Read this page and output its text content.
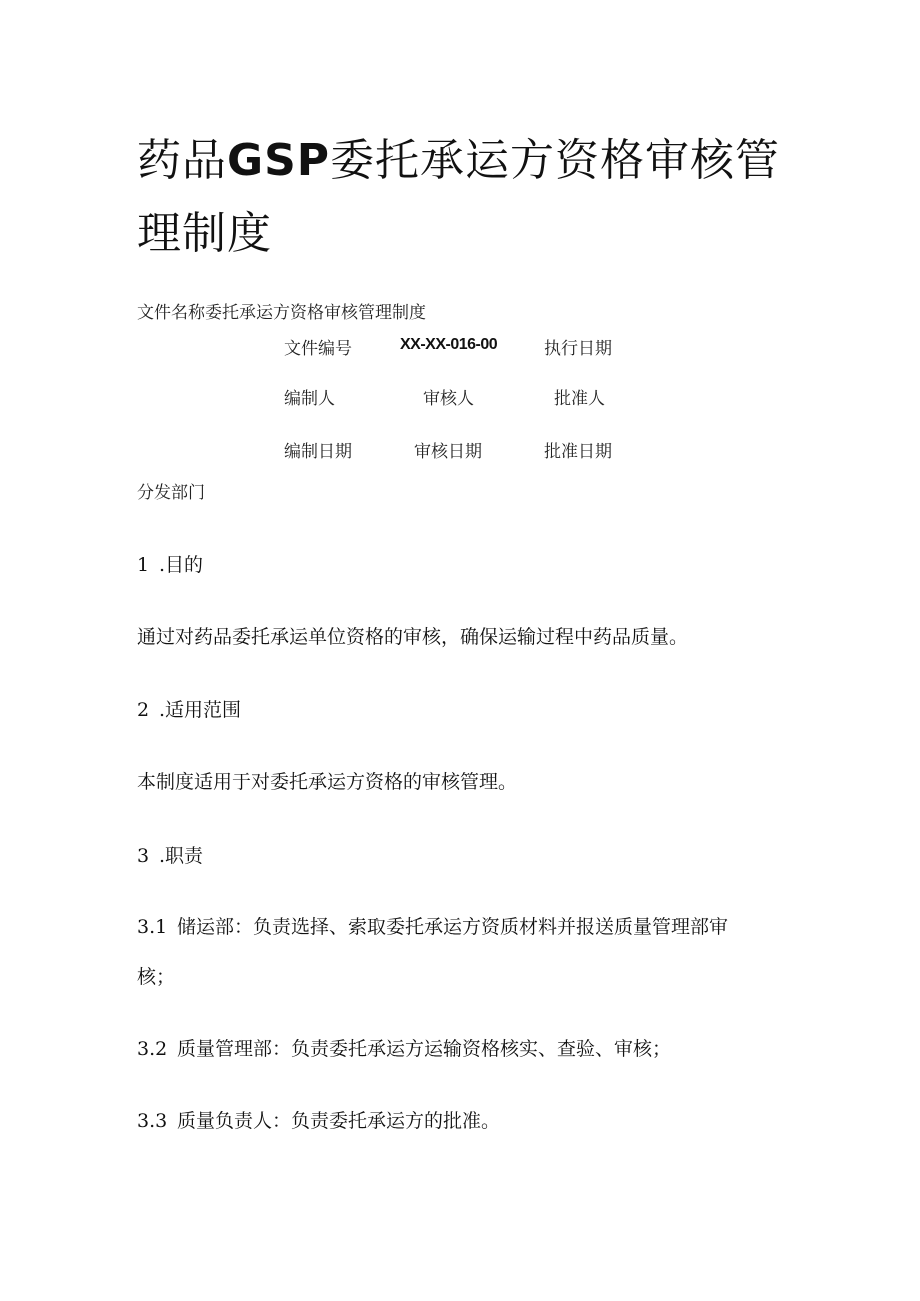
药品GSP委托承运方资格审核管
理制度
文件名称委托承运方资格审核管理制度
文件编号	XX-XX-016-00	执行日期
编制人	审核人	批准人
编制日期	审核日期	批准日期
分发部门
1 .目的
通过对药品委托承运单位资格的审核，确保运输过程中药品质量。
2 .适用范围
本制度适用于对委托承运方资格的审核管理。
3 .职责
3.1 储运部：负责选择、索取委托承运方资质材料并报送质量管理部审
核；
3.2 质量管理部：负责委托承运方运输资格核实、查验、审核；
3.3 质量负责人：负责委托承运方的批准。
